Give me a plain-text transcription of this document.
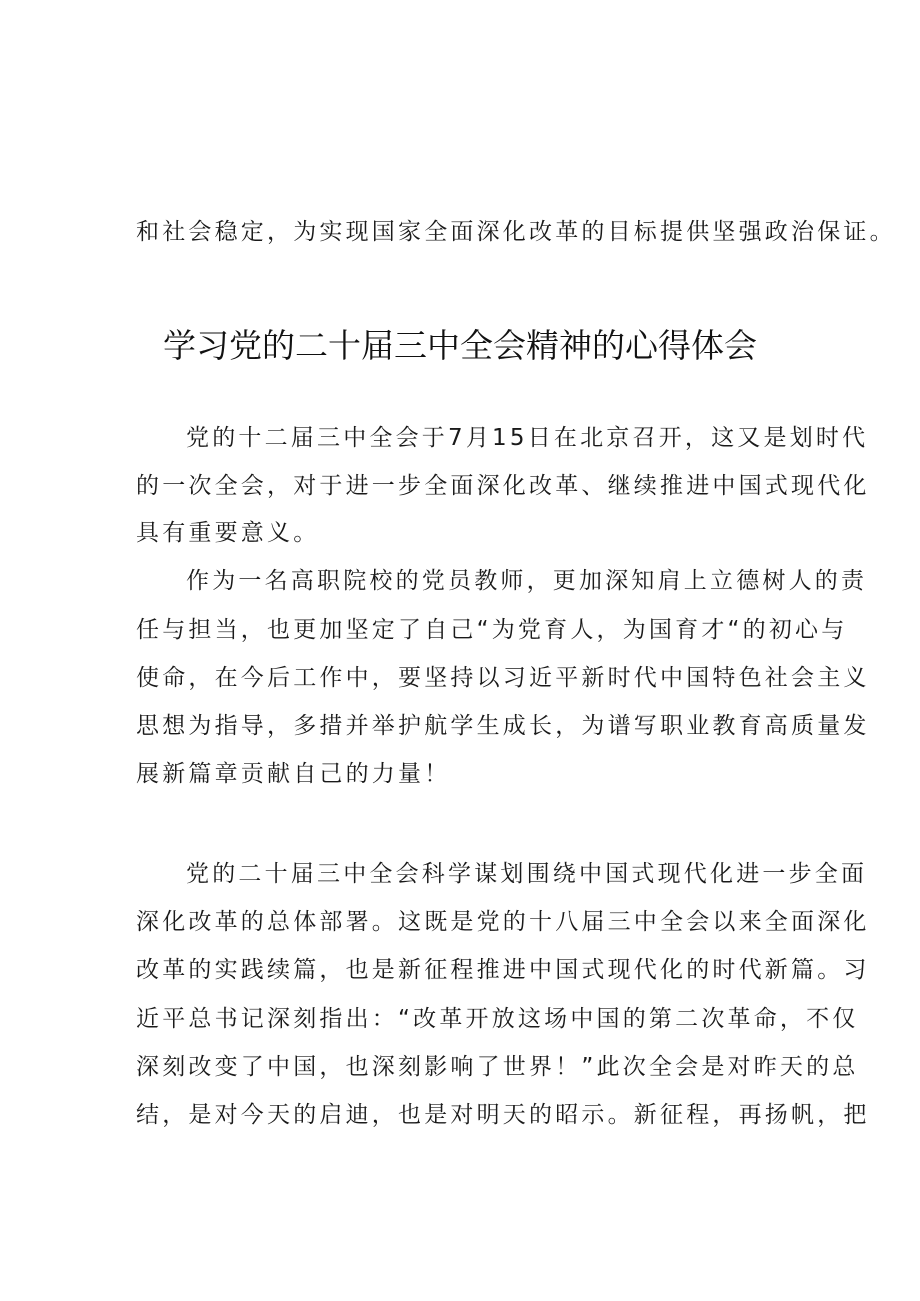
和社会稳定，为实现国家全面深化改革的目标提供坚强政治保证。
学习党的二十届三中全会精神的心得体会
党的十二届三中全会于7月15日在北京召开，这又是划时代
的一次全会，对于进一步全面深化改革、继续推进中国式现代化
具有重要意义。
作为一名高职院校的党员教师，更加深知肩上立德树人的责
任与担当，也更加坚定了自己“为党育人，为国育才“的初心与
使命，在今后工作中，要坚持以习近平新时代中国特色社会主义
思想为指导，多措并举护航学生成长，为谱写职业教育高质量发
展新篇章贡献自己的力量！
党的二十届三中全会科学谋划围绕中国式现代化进一步全面
深化改革的总体部署。这既是党的十八届三中全会以来全面深化
改革的实践续篇，也是新征程推进中国式现代化的时代新篇。习
近平总书记深刻指出：“改革开放这场中国的第二次革命，不仅
深刻改变了中国，也深刻影响了世界！”此次全会是对昨天的总
结，是对今天的启迪，也是对明天的昭示。新征程，再扬帆，把
